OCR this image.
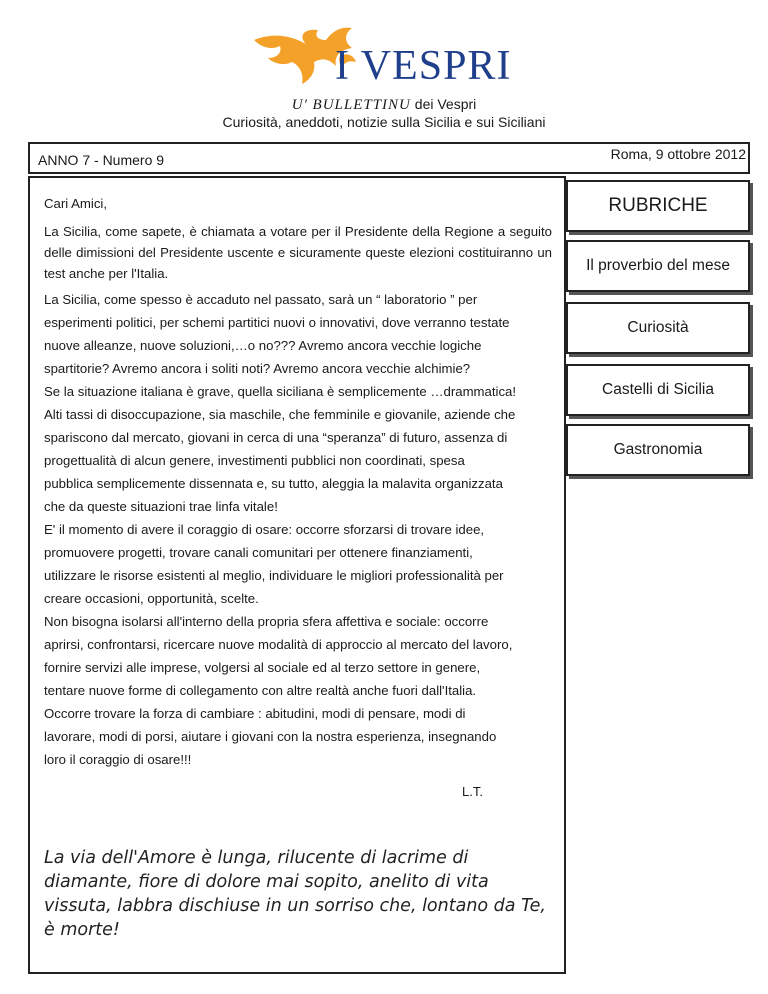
I VESPRI
U' BULLETTINU dei Vespri
Curiosità, aneddoti, notizie sulla Sicilia e sui Siciliani
ANNO 7 - Numero 9	Roma, 9 ottobre 2012

Cari Amici,

La Sicilia, come sapete, è chiamata a votare per il Presidente della Regione a seguito delle dimissioni del Presidente uscente e sicuramente queste elezioni costituiranno un test anche per l'Italia.

La Sicilia, come spesso è accaduto nel passato, sarà un “ laboratorio ” per

esperimenti politici, per schemi partitici nuovi o innovativi, dove verranno testate

nuove alleanze, nuove soluzioni,…o no??? Avremo ancora vecchie logiche

spartitorie? Avremo ancora i soliti noti? Avremo ancora vecchie alchimie?

Se la situazione italiana è grave, quella siciliana è semplicemente …drammatica!

Alti tassi di disoccupazione, sia maschile, che femminile e giovanile, aziende che

spariscono dal mercato, giovani in cerca di una “speranza” di futuro, assenza di

progettualità di alcun genere, investimenti pubblici non coordinati, spesa

pubblica semplicemente dissennata e, su tutto, aleggia la malavita organizzata

che da queste situazioni trae linfa vitale!

E' il momento di avere il coraggio di osare: occorre sforzarsi di trovare idee,

promuovere progetti, trovare canali comunitari per ottenere finanziamenti,

utilizzare le risorse esistenti al meglio, individuare le migliori professionalità per

creare occasioni, opportunità, scelte.

Non bisogna isolarsi all'interno della propria sfera affettiva e sociale: occorre

aprirsi, confrontarsi, ricercare nuove modalità di approccio al mercato del lavoro,

fornire servizi alle imprese, volgersi al sociale ed al terzo settore in genere,

tentare nuove forme di collegamento con altre realtà anche fuori dall'Italia.

Occorre trovare la forza di cambiare : abitudini, modi di pensare, modi di

lavorare, modi di porsi, aiutare i giovani con la nostra esperienza, insegnando

loro il coraggio di osare!!!

L.T.
La via dell'Amore è lunga, rilucente di lacrime di diamante, fiore di dolore mai sopito, anelito di vita vissuta, labbra dischiuse in un sorriso che, lontano da Te, è morte!
RUBRICHE
Il proverbio del mese
Curiosità
Castelli di Sicilia
Gastronomia
